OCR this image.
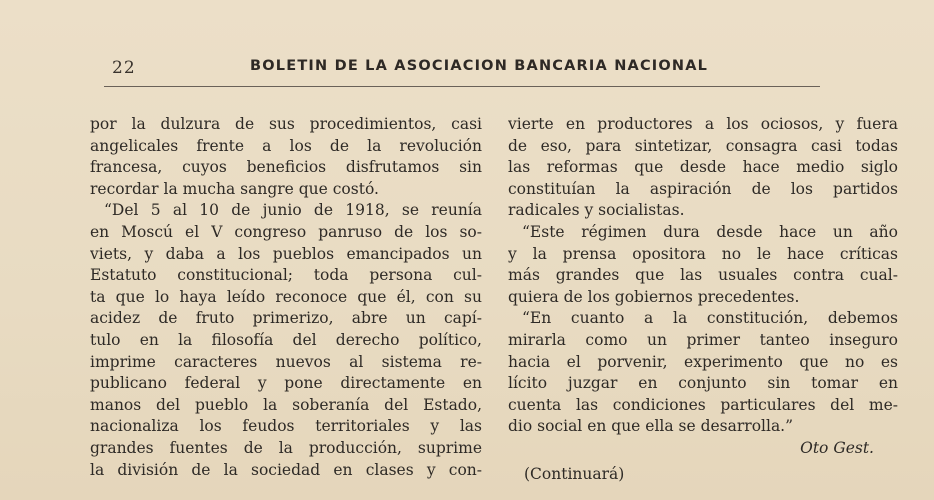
22	BOLETIN DE LA ASOCIACION BANCARIA NACIONAL
por la dulzura de sus procedimientos, casi
angelicales frente a los de la revolución
francesa, cuyos beneficios disfrutamos sin
recordar la mucha sangre que costó.
“Del 5 al 10 de junio de 1918, se reunía
en Moscú el V congreso panruso de los so-
viets, y daba a los pueblos emancipados un
Estatuto constitucional; toda persona cul-
ta que lo haya leído reconoce que él, con su
acidez de fruto primerizo, abre un capí-
tulo en la filosofía del derecho político,
imprime caracteres nuevos al sistema re-
publicano federal y pone directamente en
manos del pueblo la soberanía del Estado,
nacionaliza los feudos territoriales y las
grandes fuentes de la producción, suprime
la división de la sociedad en clases y con-
vierte en productores a los ociosos, y fuera
de eso, para sintetizar, consagra casi todas
las reformas que desde hace medio siglo
constituían la aspiración de los partidos
radicales y socialistas.
“Este régimen dura desde hace un año
y la prensa opositora no le hace críticas
más grandes que las usuales contra cual-
quiera de los gobiernos precedentes.
“En cuanto a la constitución, debemos
mirarla como un primer tanteo inseguro
hacia el porvenir, experimento que no es
lícito juzgar en conjunto sin tomar en
cuenta las condiciones particulares del me-
dio social en que ella se desarrolla.”
Oto Gest.
(Continuará)
